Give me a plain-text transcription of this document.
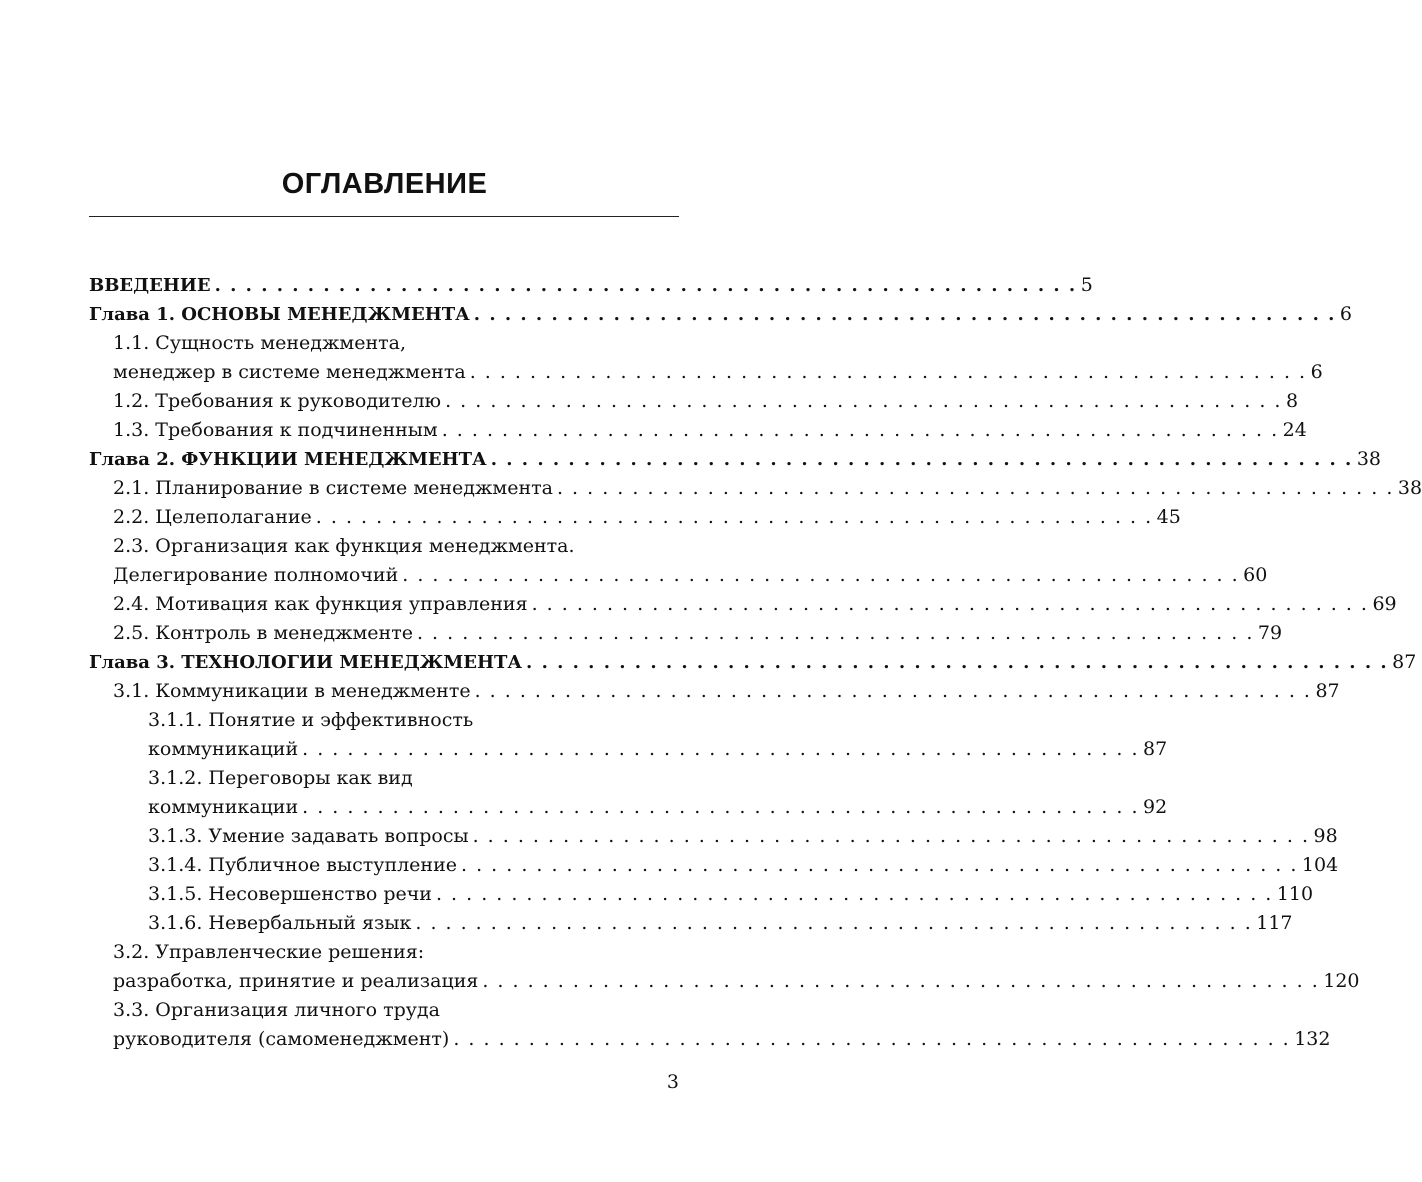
ОГЛАВЛЕНИЕ
ВВЕДЕНИЕ . . . . . . . . . . . . . . . . . . . . . . . . . . . . . . . . . . . . . . . . . . . . . . . . . . . . . . . . 5
Глава 1. ОСНОВЫ МЕНЕДЖМЕНТА . . . . . . . . . . . . . . . . . . . . . . . . . . . . . . . . . . . . . . . . . . . . . . . . . . . . . . . . 6
1.1. Сущность менеджмента,
менеджер в системе менеджмента . . . . . . . . . . . . . . . . . . . . . . . . . . . . . . . . . . . . . . . . . . . . . . . . . . . . . . . . 6
1.2. Требования к руководителю . . . . . . . . . . . . . . . . . . . . . . . . . . . . . . . . . . . . . . . . . . . . . . . . . . . . . . . . 8
1.3. Требования к подчиненным . . . . . . . . . . . . . . . . . . . . . . . . . . . . . . . . . . . . . . . . . . . . . . . . . . . . . . . . 24
Глава 2. ФУНКЦИИ МЕНЕДЖМЕНТА . . . . . . . . . . . . . . . . . . . . . . . . . . . . . . . . . . . . . . . . . . . . . . . . . . . . . . . . 38
2.1. Планирование в системе менеджмента . . . . . . . . . . . . . . . . . . . . . . . . . . . . . . . . . . . . . . . . . . . . . . . . . . . . . . . . 38
2.2. Целеполагание . . . . . . . . . . . . . . . . . . . . . . . . . . . . . . . . . . . . . . . . . . . . . . . . . . . . . . . . 45
2.3. Организация как функция менеджмента.
Делегирование полномочий . . . . . . . . . . . . . . . . . . . . . . . . . . . . . . . . . . . . . . . . . . . . . . . . . . . . . . . . 60
2.4. Мотивация как функция управления . . . . . . . . . . . . . . . . . . . . . . . . . . . . . . . . . . . . . . . . . . . . . . . . . . . . . . . . 69
2.5. Контроль в менеджменте . . . . . . . . . . . . . . . . . . . . . . . . . . . . . . . . . . . . . . . . . . . . . . . . . . . . . . . . 79
Глава 3. ТЕХНОЛОГИИ МЕНЕДЖМЕНТА . . . . . . . . . . . . . . . . . . . . . . . . . . . . . . . . . . . . . . . . . . . . . . . . . . . . . . . . 87
3.1. Коммуникации в менеджменте . . . . . . . . . . . . . . . . . . . . . . . . . . . . . . . . . . . . . . . . . . . . . . . . . . . . . . . . 87
3.1.1. Понятие и эффективность
коммуникаций . . . . . . . . . . . . . . . . . . . . . . . . . . . . . . . . . . . . . . . . . . . . . . . . . . . . . . . . 87
3.1.2. Переговоры как вид
коммуникации . . . . . . . . . . . . . . . . . . . . . . . . . . . . . . . . . . . . . . . . . . . . . . . . . . . . . . . . 92
3.1.3. Умение задавать вопросы . . . . . . . . . . . . . . . . . . . . . . . . . . . . . . . . . . . . . . . . . . . . . . . . . . . . . . . . 98
3.1.4. Публичное выступление . . . . . . . . . . . . . . . . . . . . . . . . . . . . . . . . . . . . . . . . . . . . . . . . . . . . . . . . 104
3.1.5. Несовершенство речи . . . . . . . . . . . . . . . . . . . . . . . . . . . . . . . . . . . . . . . . . . . . . . . . . . . . . . . . 110
3.1.6. Невербальный язык . . . . . . . . . . . . . . . . . . . . . . . . . . . . . . . . . . . . . . . . . . . . . . . . . . . . . . . . 117
3.2. Управленческие решения:
разработка, принятие и реализация . . . . . . . . . . . . . . . . . . . . . . . . . . . . . . . . . . . . . . . . . . . . . . . . . . . . . . . . 120
3.3. Организация личного труда
руководителя (самоменеджмент) . . . . . . . . . . . . . . . . . . . . . . . . . . . . . . . . . . . . . . . . . . . . . . . . . . . . . . . . 132
3
